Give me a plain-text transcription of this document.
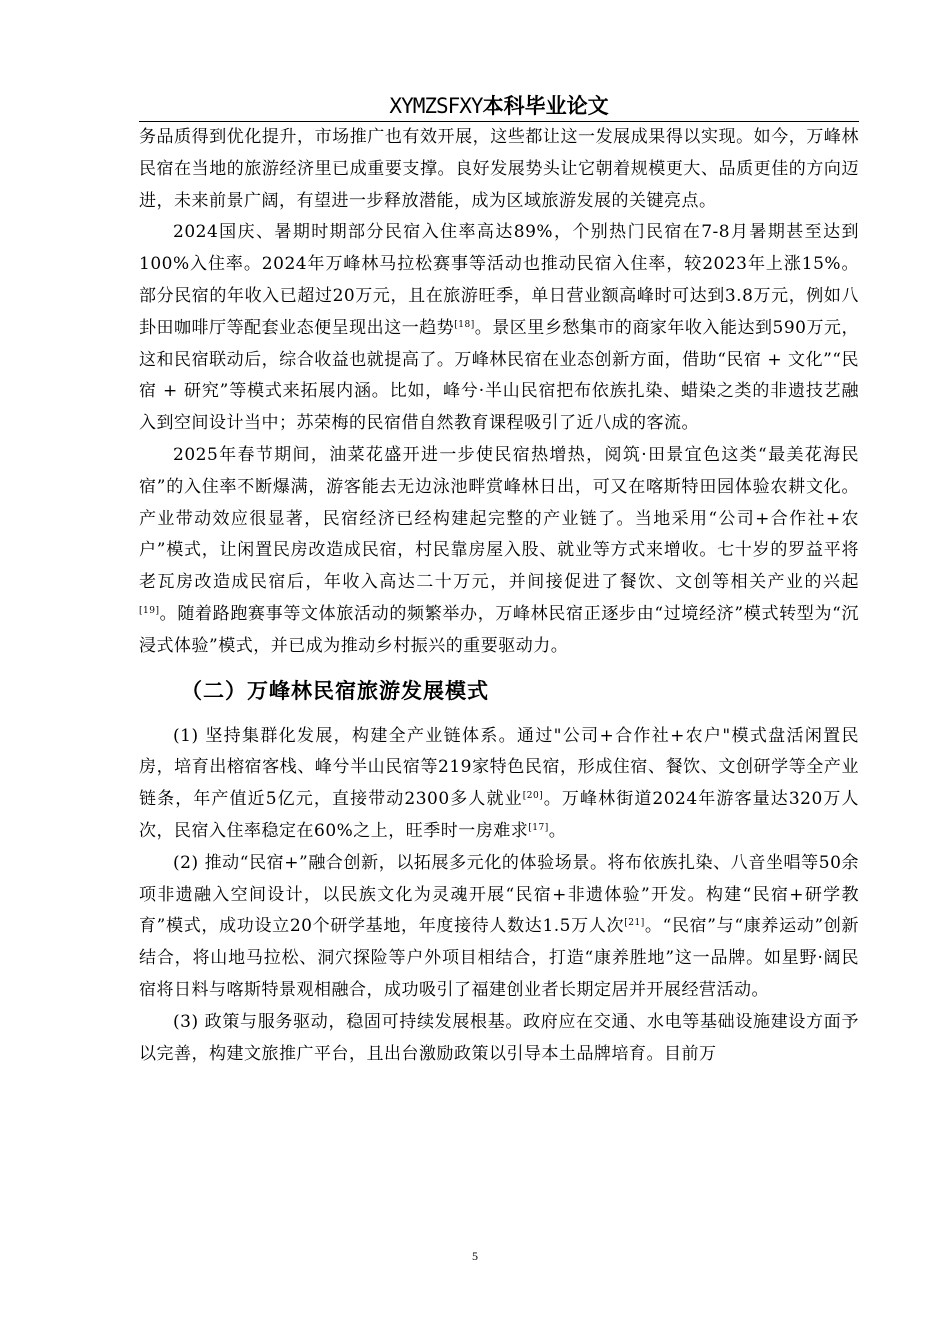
XYMZSFXY本科毕业论文

务品质得到优化提升，市场推广也有效开展，这些都让这一发展成果得以实现。如今，万峰林民宿在当地的旅游经济里已成重要支撑。良好发展势头让它朝着规模更大、品质更佳的方向迈进，未来前景广阔，有望进一步释放潜能，成为区域旅游发展的关键亮点。

2024国庆、暑期时期部分民宿入住率高达89%，个别热门民宿在7-8月暑期甚至达到100%入住率。2024年万峰林马拉松赛事等活动也推动民宿入住率，较2023年上涨15%。部分民宿的年收入已超过20万元，且在旅游旺季，单日营业额高峰时可达到3.8万元，例如八卦田咖啡厅等配套业态便呈现出这一趋势[18]。景区里乡愁集市的商家年收入能达到590万元，这和民宿联动后，综合收益也就提高了。万峰林民宿在业态创新方面，借助“民宿 + 文化”“民宿 + 研究”等模式来拓展内涵。比如，峰兮·半山民宿把布依族扎染、蜡染之类的非遗技艺融入到空间设计当中；苏荣梅的民宿借自然教育课程吸引了近八成的客流。

2025年春节期间，油菜花盛开进一步使民宿热增热，阅筑·田景宜色这类“最美花海民宿”的入住率不断爆满，游客能去无边泳池畔赏峰林日出，可又在喀斯特田园体验农耕文化。产业带动效应很显著，民宿经济已经构建起完整的产业链了。当地采用“公司+合作社+农户”模式，让闲置民房改造成民宿，村民靠房屋入股、就业等方式来增收。七十岁的罗益平将老瓦房改造成民宿后，年收入高达二十万元，并间接促进了餐饮、文创等相关产业的兴起[19]。随着路跑赛事等文体旅活动的频繁举办，万峰林民宿正逐步由“过境经济”模式转型为“沉浸式体验”模式，并已成为推动乡村振兴的重要驱动力。

（二）万峰林民宿旅游发展模式

(1) 坚持集群化发展，构建全产业链体系。通过"公司+合作社+农户"模式盘活闲置民房，培育出榕宿客栈、峰兮半山民宿等219家特色民宿，形成住宿、餐饮、文创研学等全产业链条，年产值近5亿元，直接带动2300多人就业[20]。万峰林街道2024年游客量达320万人次，民宿入住率稳定在60%之上，旺季时一房难求[17]。

(2) 推动“民宿+”融合创新，以拓展多元化的体验场景。将布依族扎染、八音坐唱等50余项非遗融入空间设计，以民族文化为灵魂开展“民宿+非遗体验”开发。构建“民宿+研学教育”模式，成功设立20个研学基地，年度接待人数达1.5万人次[21]。“民宿”与“康养运动”创新结合，将山地马拉松、洞穴探险等户外项目相结合，打造“康养胜地”这一品牌。如星野·阔民宿将日料与喀斯特景观相融合，成功吸引了福建创业者长期定居并开展经营活动。

(3) 政策与服务驱动，稳固可持续发展根基。政府应在交通、水电等基础设施建设方面予以完善，构建文旅推广平台，且出台激励政策以引导本土品牌培育。目前万

5
